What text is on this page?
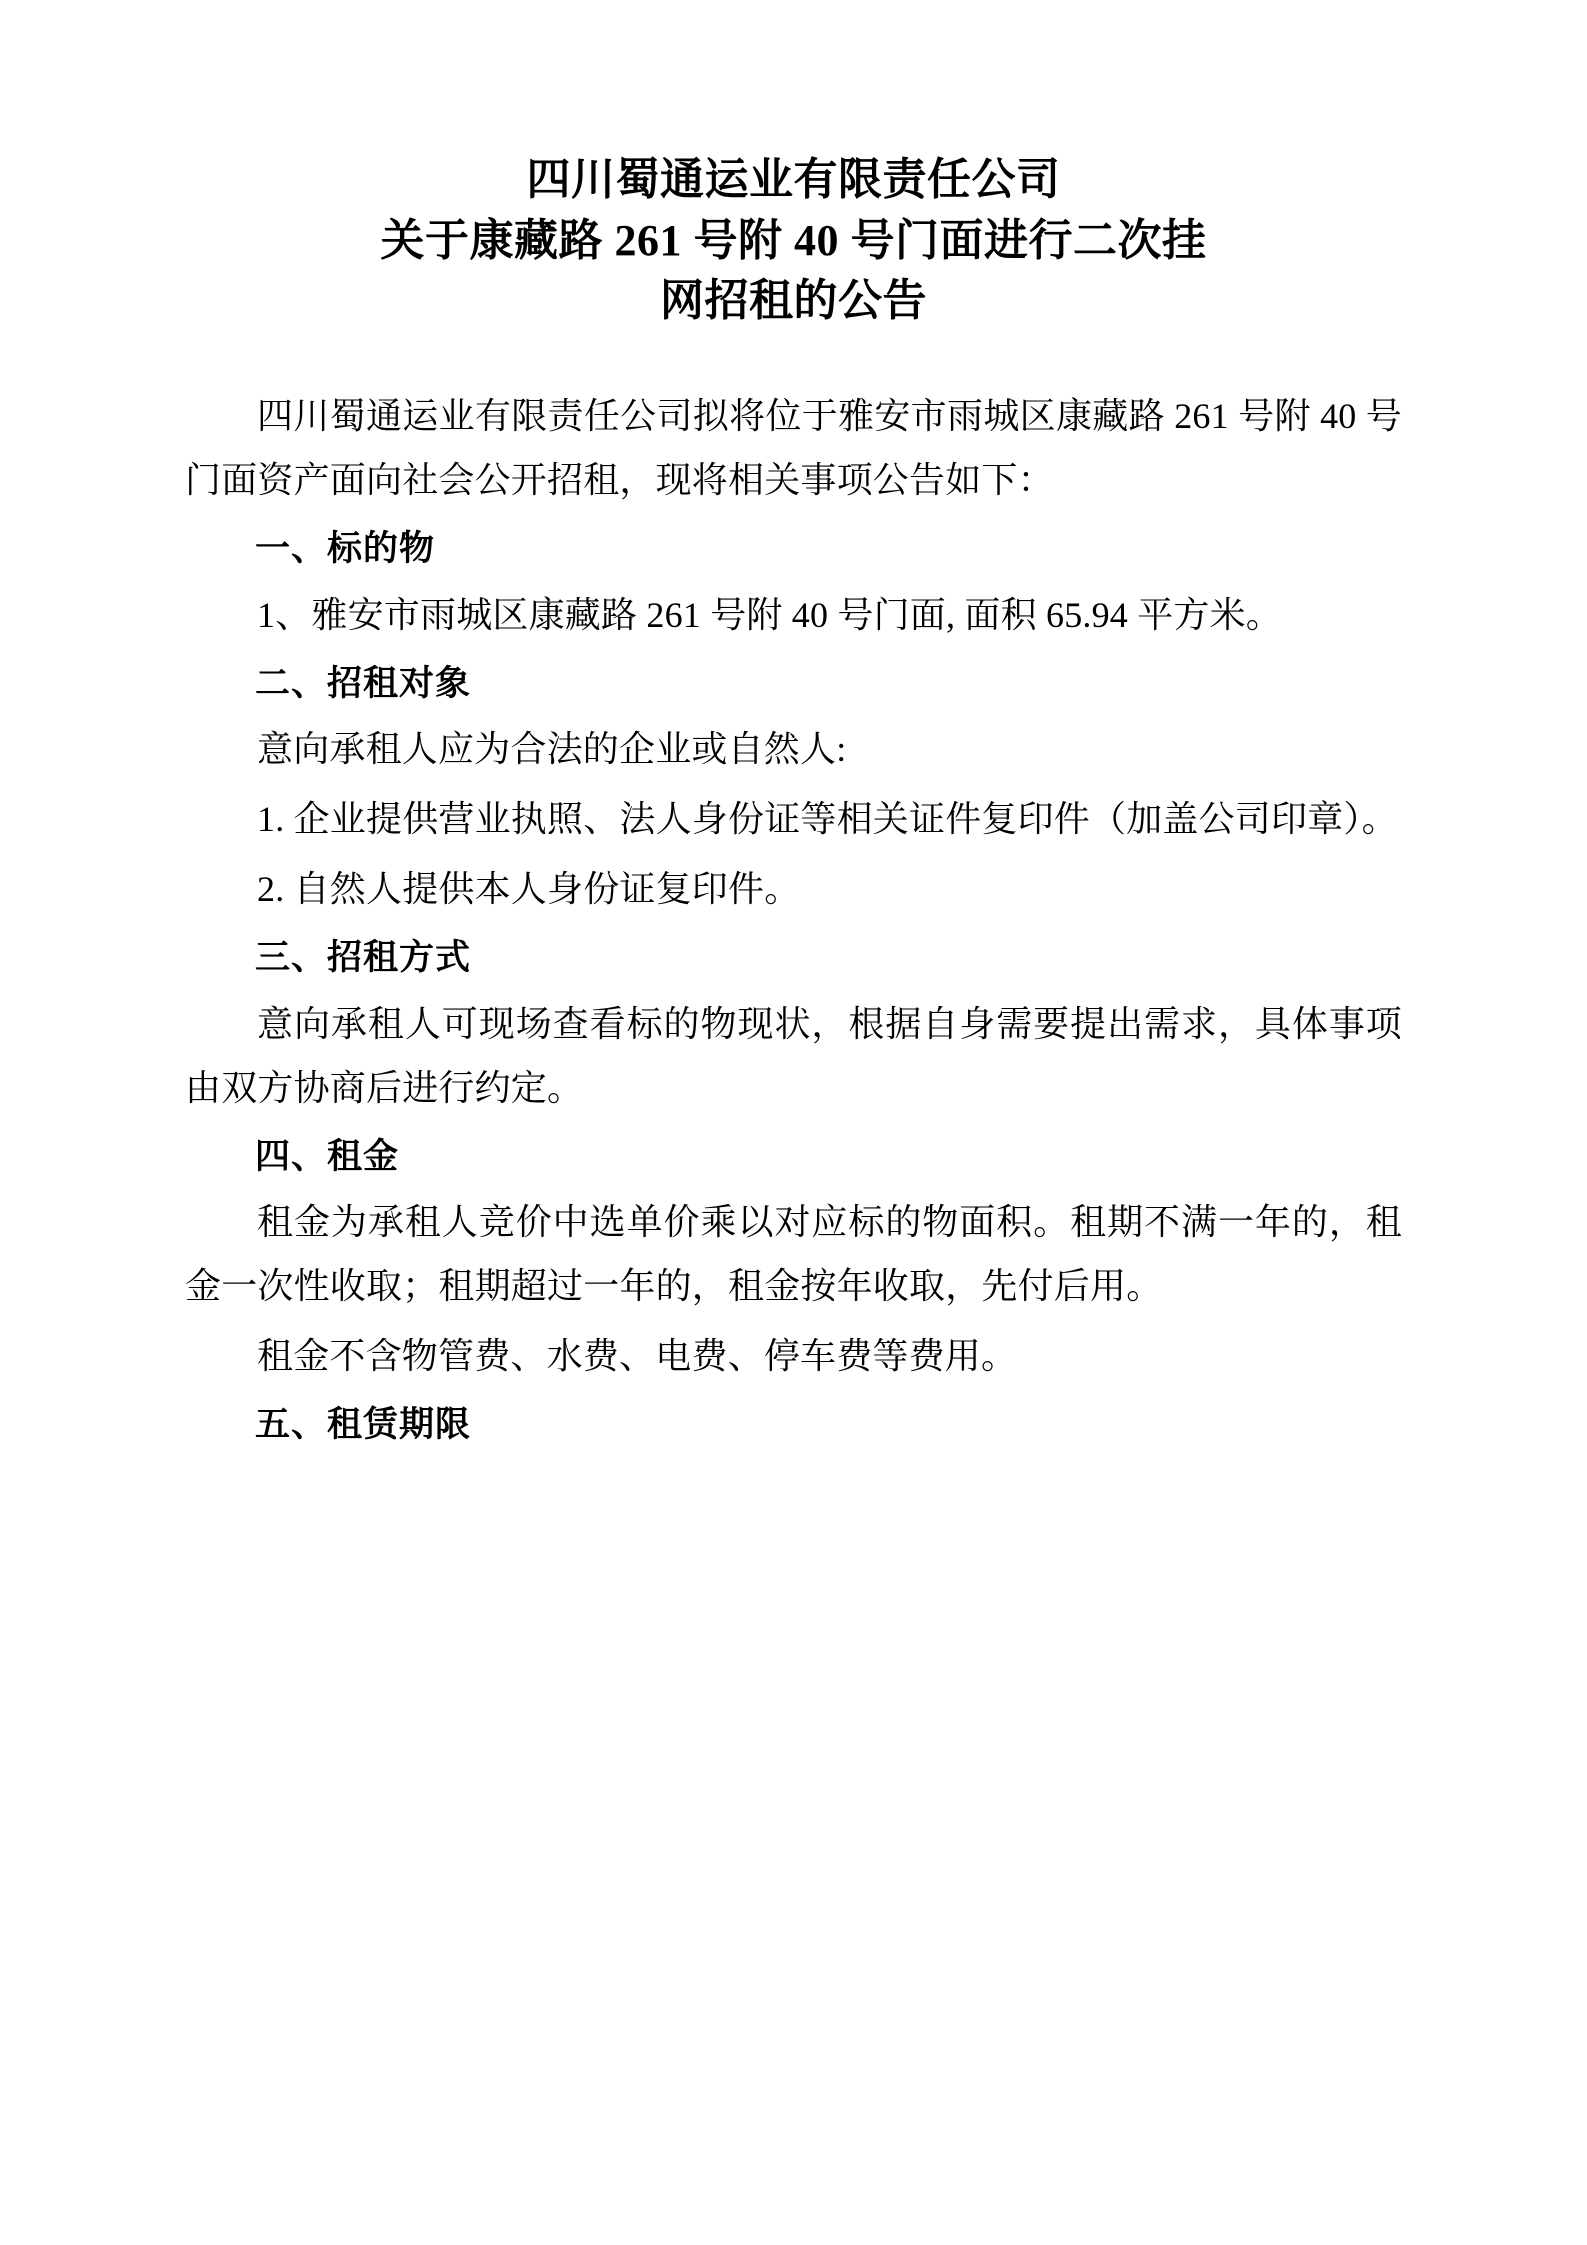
四川蜀通运业有限责任公司
关于康藏路 261 号附 40 号门面进行二次挂
网招租的公告

四川蜀通运业有限责任公司拟将位于雅安市雨城区康藏路 261 号附 40 号门面资产面向社会公开招租，现将相关事项公告如下：

一、标的物

1、雅安市雨城区康藏路 261 号附 40 号门面, 面积 65.94 平方米。

二、招租对象

意向承租人应为合法的企业或自然人:

1. 企业提供营业执照、法人身份证等相关证件复印件（加盖公司印章）。

2. 自然人提供本人身份证复印件。

三、招租方式

意向承租人可现场查看标的物现状，根据自身需要提出需求，具体事项由双方协商后进行约定。

四、租金

租金为承租人竞价中选单价乘以对应标的物面积。租期不满一年的，租金一次性收取；租期超过一年的，租金按年收取，先付后用。

租金不含物管费、水费、电费、停车费等费用。

五、租赁期限
